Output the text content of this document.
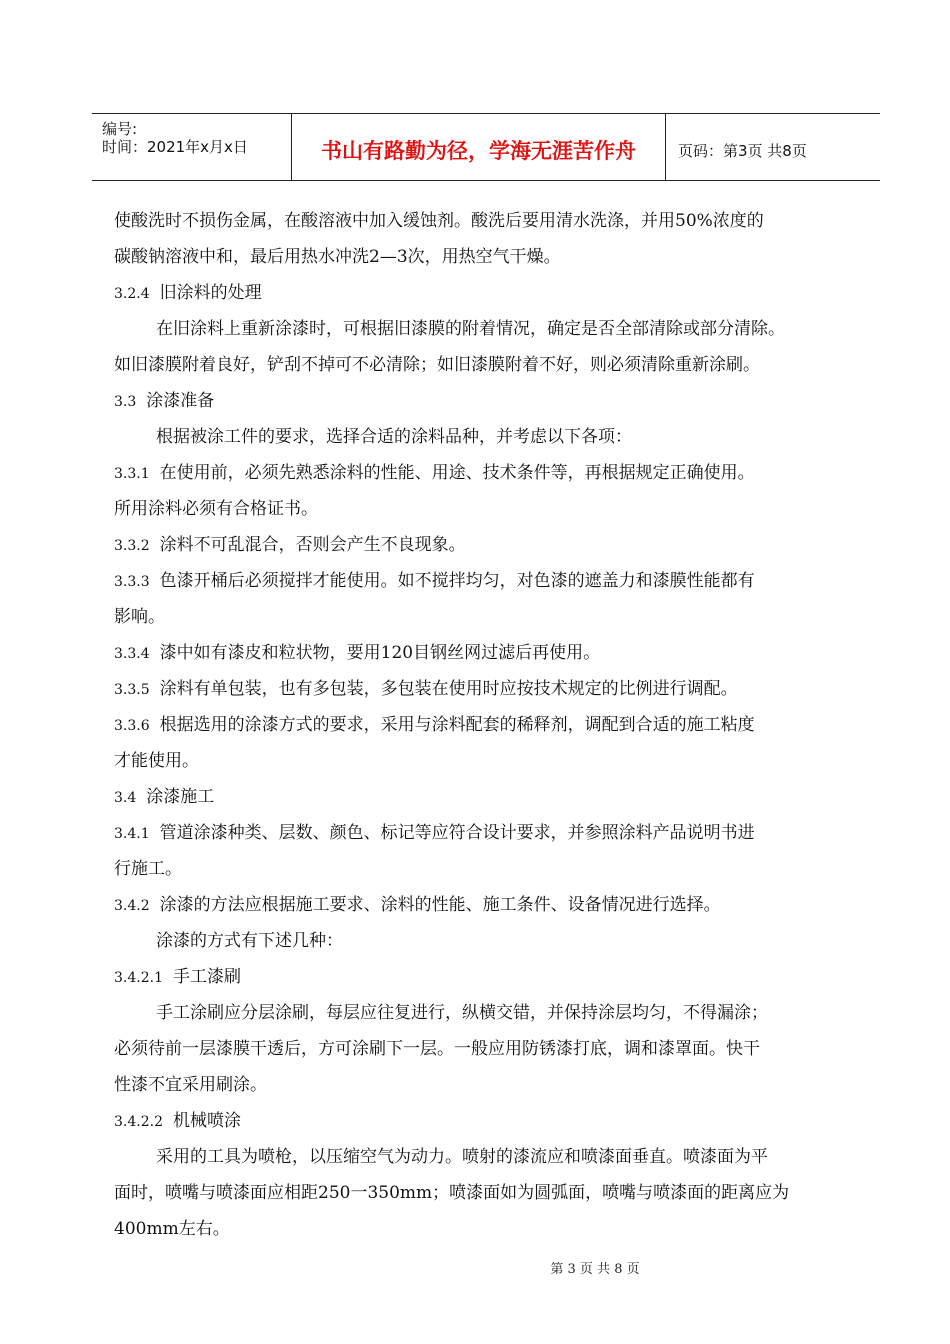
编号:
时间：2021年x月x日	书山有路勤为径，学海无涯苦作舟	页码：第3页 共8页
使酸洗时不损伤金属，在酸溶液中加入缓蚀剂。酸洗后要用清水洗涤，并用50%浓度的
碳酸钠溶液中和，最后用热水冲洗2—3次，用热空气干燥。
3.2.4 旧涂料的处理
在旧涂料上重新涂漆时，可根据旧漆膜的附着情况，确定是否全部清除或部分清除。
如旧漆膜附着良好，铲刮不掉可不必清除；如旧漆膜附着不好，则必须清除重新涂刷。
3.3 涂漆准备
根据被涂工件的要求，选择合适的涂料品种，并考虑以下各项：
3.3.1 在使用前，必须先熟悉涂料的性能、用途、技术条件等，再根据规定正确使用。
所用涂料必须有合格证书。
3.3.2 涂料不可乱混合，否则会产生不良现象。
3.3.3 色漆开桶后必须搅拌才能使用。如不搅拌均匀，对色漆的遮盖力和漆膜性能都有
影响。
3.3.4 漆中如有漆皮和粒状物，要用120目钢丝网过滤后再使用。
3.3.5 涂料有单包装，也有多包装，多包装在使用时应按技术规定的比例进行调配。
3.3.6 根据选用的涂漆方式的要求，采用与涂料配套的稀释剂，调配到合适的施工粘度
才能使用。
3.4 涂漆施工
3.4.1 管道涂漆种类、层数、颜色、标记等应符合设计要求，并参照涂料产品说明书进
行施工。
3.4.2 涂漆的方法应根据施工要求、涂料的性能、施工条件、设备情况进行选择。
涂漆的方式有下述几种：
3.4.2.1 手工漆刷
手工涂刷应分层涂刷，每层应往复进行，纵横交错，并保持涂层均匀，不得漏涂；
必须待前一层漆膜干透后，方可涂刷下一层。一般应用防锈漆打底，调和漆罩面。快干
性漆不宜采用刷涂。
3.4.2.2 机械喷涂
采用的工具为喷枪，以压缩空气为动力。喷射的漆流应和喷漆面垂直。喷漆面为平
面时，喷嘴与喷漆面应相距250一350mm；喷漆面如为圆弧面，喷嘴与喷漆面的距离应为
400mm左右。
第 3 页 共 8 页
